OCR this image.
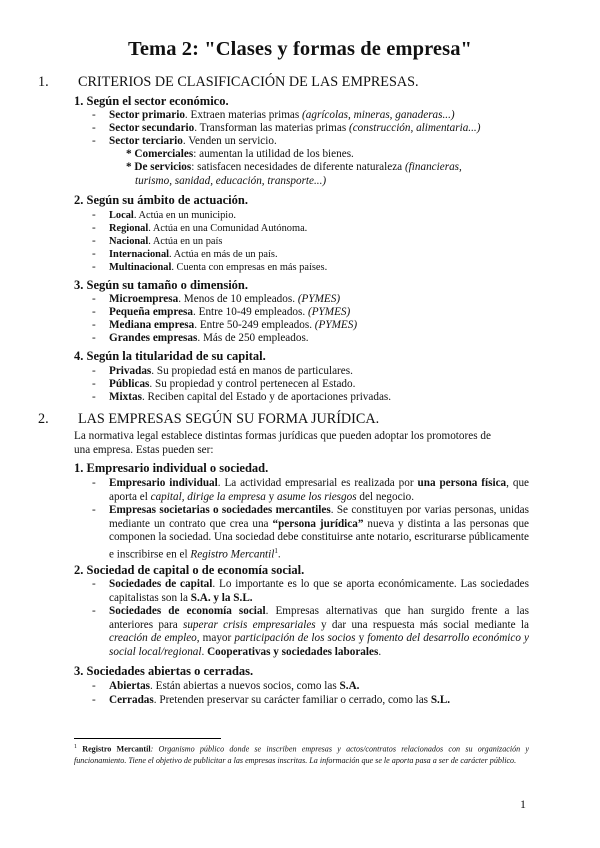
Tema 2: "Clases y formas de empresa"
1. CRITERIOS DE CLASIFICACIÓN DE LAS EMPRESAS.
1. Según el sector económico.
- Sector primario. Extraen materias primas (agrícolas, mineras, ganaderas...)
- Sector secundario. Transforman las materias primas (construcción, alimentaria...)
- Sector terciario. Venden un servicio.
* Comerciales: aumentan la utilidad de los bienes.
* De servicios: satisfacen necesidades de diferente naturaleza (financieras,
turismo, sanidad, educación, transporte...)
2. Según su ámbito de actuación.
- Local. Actúa en un municipio.
- Regional. Actúa en una Comunidad Autónoma.
- Nacional. Actúa en un país
- Internacional. Actúa en más de un país.
- Multinacional. Cuenta con empresas en más países.
3. Según su tamaño o dimensión.
- Microempresa. Menos de 10 empleados. (PYMES)
- Pequeña empresa. Entre 10-49 empleados. (PYMES)
- Mediana empresa. Entre 50-249 empleados. (PYMES)
- Grandes empresas. Más de 250 empleados.
4. Según la titularidad de su capital.
- Privadas. Su propiedad está en manos de particulares.
- Públicas. Su propiedad y control pertenecen al Estado.
- Mixtas. Reciben capital del Estado y de aportaciones privadas.
2. LAS EMPRESAS SEGÚN SU FORMA JURÍDICA.
La normativa legal establece distintas formas jurídicas que pueden adoptar los promotores de
una empresa. Estas pueden ser:
1. Empresario individual o sociedad.
- Empresario individual. La actividad empresarial es realizada por una persona física, que aporta el capital, dirige la empresa y asume los riesgos del negocio.
- Empresas societarias o sociedades mercantiles. Se constituyen por varias personas, unidas mediante un contrato que crea una “persona jurídica” nueva y distinta a las personas que componen la sociedad. Una sociedad debe constituirse ante notario, escriturarse públicamente e inscribirse en el Registro Mercantil$^1$.
2. Sociedad de capital o de economía social.
- Sociedades de capital. Lo importante es lo que se aporta económicamente. Las sociedades capitalistas son la S.A. y la S.L.
- Sociedades de economía social. Empresas alternativas que han surgido frente a las anteriores para superar crisis empresariales y dar una respuesta más social mediante la creación de empleo, mayor participación de los socios y fomento del desarrollo económico y social local/regional. Cooperativas y sociedades laborales.
3. Sociedades abiertas o cerradas.
- Abiertas. Están abiertas a nuevos socios, como las S.A.
- Cerradas. Pretenden preservar su carácter familiar o cerrado, como las S.L.
$^1$ Registro Mercantil: Organismo público donde se inscriben empresas y actos/contratos relacionados con su organización y funcionamiento. Tiene el objetivo de publicitar a las empresas inscritas. La información que se le aporta pasa a ser de carácter público.
1
